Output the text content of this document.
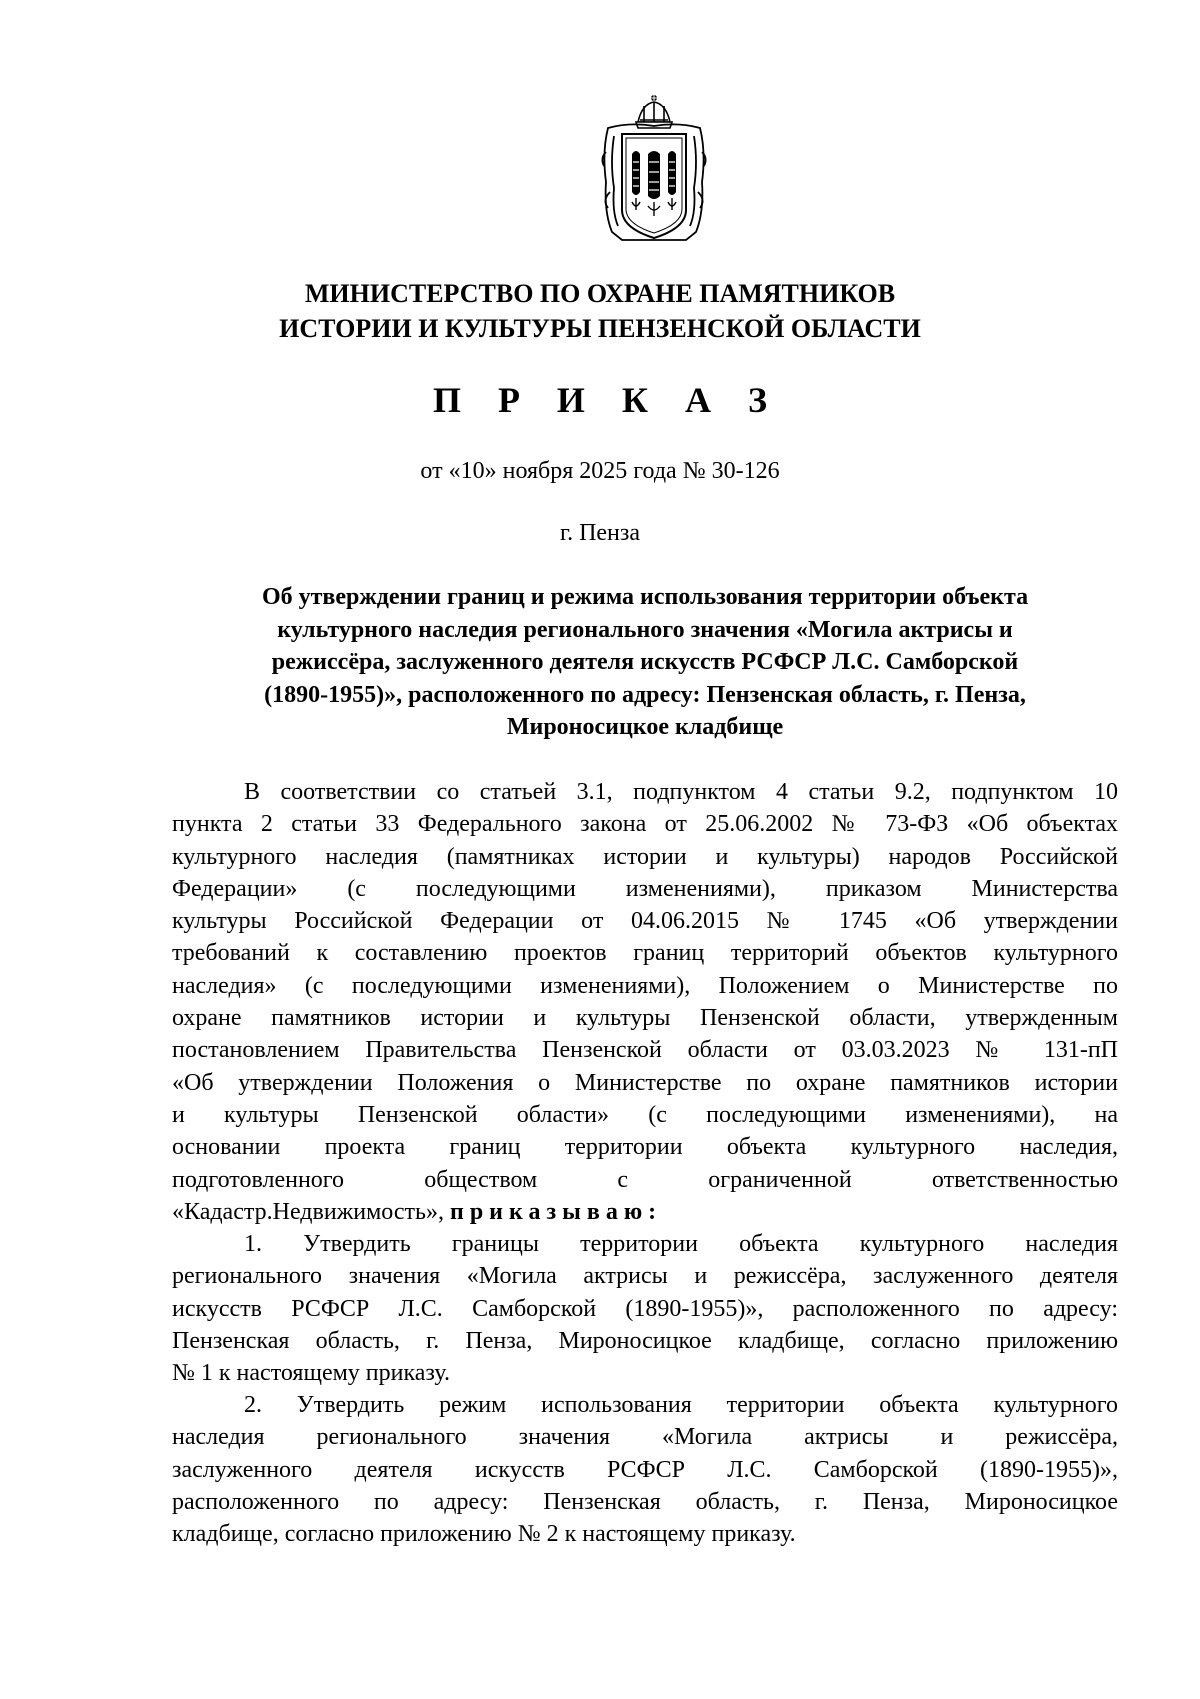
МИНИСТЕРСТВО ПО ОХРАНЕ ПАМЯТНИКОВ
ИСТОРИИ И КУЛЬТУРЫ ПЕНЗЕНСКОЙ ОБЛАСТИ
П Р И К А З
от «10» ноября 2025 года № 30-126
г. Пенза
Об утверждении границ и режима использования территории объекта
культурного наследия регионального значения «Могила актрисы и
режиссёра, заслуженного деятеля искусств РСФСР Л.С. Самборской
(1890-1955)», расположенного по адресу: Пензенская область, г. Пенза,
Мироносицкое кладбище
В соответствии со статьей 3.1, подпунктом 4 статьи 9.2, подпунктом 10
пункта 2 статьи 33 Федерального закона от 25.06.2002 № 73-ФЗ «Об объектах
культурного наследия (памятниках истории и культуры) народов Российской
Федерации» (с последующими изменениями), приказом Министерства
культуры Российской Федерации от 04.06.2015 № 1745 «Об утверждении
требований к составлению проектов границ территорий объектов культурного
наследия» (с последующими изменениями), Положением о Министерстве по
охране памятников истории и культуры Пензенской области, утвержденным
постановлением Правительства Пензенской области от 03.03.2023 № 131-пП
«Об утверждении Положения о Министерстве по охране памятников истории
и культуры Пензенской области» (с последующими изменениями), на
основании проекта границ территории объекта культурного наследия,
подготовленного обществом с ограниченной ответственностью
«Кадастр.Недвижимость», приказываю:
1. Утвердить границы территории объекта культурного наследия
регионального значения «Могила актрисы и режиссёра, заслуженного деятеля
искусств РСФСР Л.С. Самборской (1890-1955)», расположенного по адресу:
Пензенская область, г. Пенза, Мироносицкое кладбище, согласно приложению
№ 1 к настоящему приказу.
2. Утвердить режим использования территории объекта культурного
наследия регионального значения «Могила актрисы и режиссёра,
заслуженного деятеля искусств РСФСР Л.С. Самборской (1890-1955)»,
расположенного по адресу: Пензенская область, г. Пенза, Мироносицкое
кладбище, согласно приложению № 2 к настоящему приказу.
